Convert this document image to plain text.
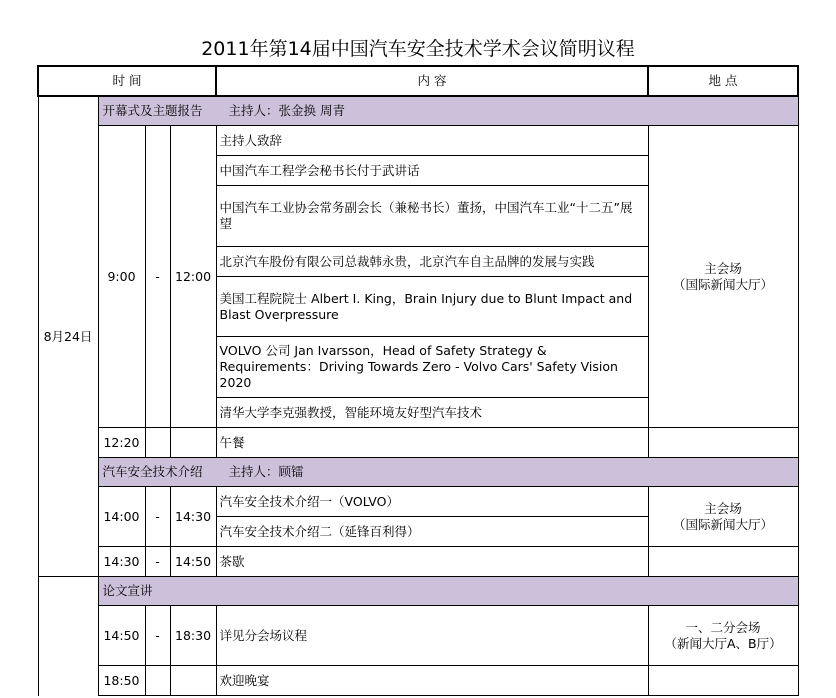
2011年第14届中国汽车安全技术学术会议简明议程
时 间				内 容	地 点
8月24日	开幕式及主题报告 主持人：张金换 周青				
	9:00	-	12:00	主持人致辞	主会场
（国际新闻大厅）

				中国汽车工程学会秘书长付于武讲话	
				中国汽车工业协会常务副会长（兼秘书长）董扬，中国汽车工业“十二五”展望	
				北京汽车股份有限公司总裁韩永贵，北京汽车自主品牌的发展与实践	
				美国工程院院士 Albert I. King，Brain Injury due to Blunt Impact and Blast Overpressure	
				VOLVO 公司 Jan Ivarsson，Head of Safety Strategy & Requirements：Driving Towards Zero - Volvo Cars' Safety Vision 2020	
				清华大学李克强教授，智能环境友好型汽车技术	
	12:20			午餐	
	汽车安全技术介绍 主持人：顾镭				
	14:00	-	14:30	汽车安全技术介绍一（VOLVO）	主会场
（国际新闻大厅）

				汽车安全技术介绍二（延锋百利得）	
	14:30	-	14:50	茶歇	
	论文宣讲				
	14:50	-	18:30	详见分会场议程	一、二分会场
（新闻大厅A、B厅）

	18:50			欢迎晚宴	
